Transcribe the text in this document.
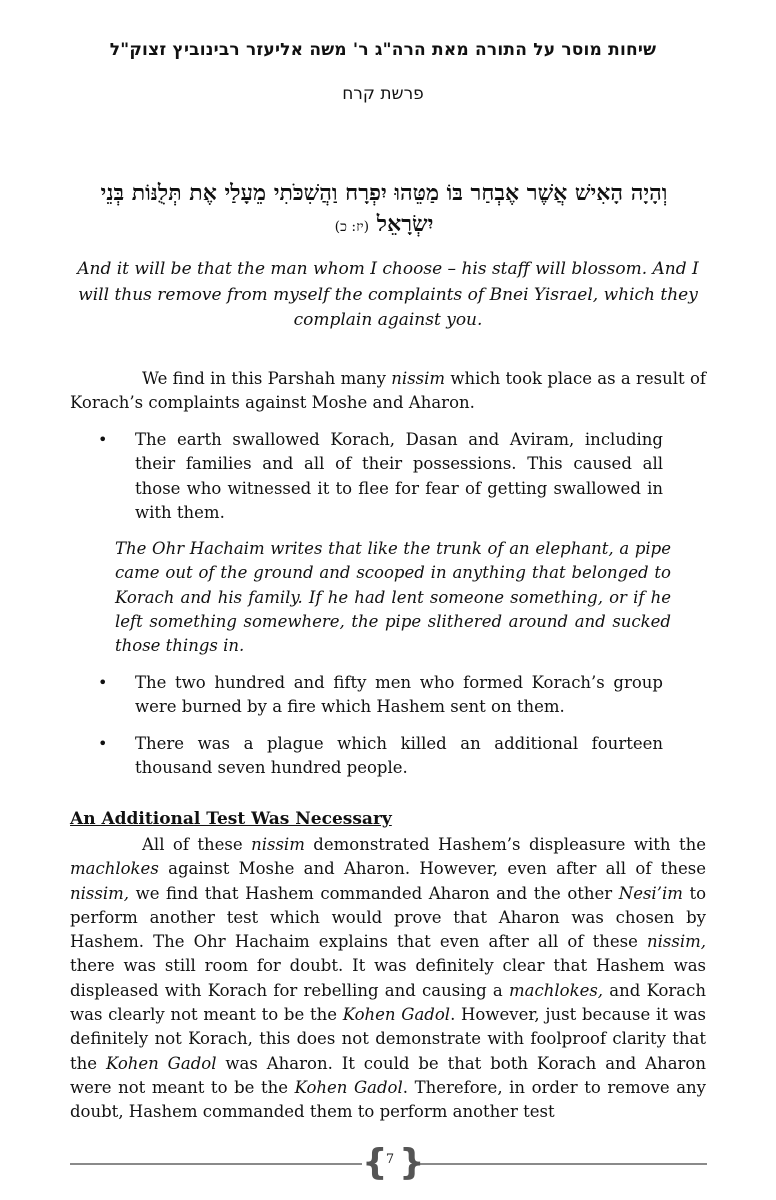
שיחות מוסר על התורה מאת הרה"ג ר' משה אליעזר רבינוביץ זצוק"ל
פרשת קרח
וְהָיָה הָאִישׁ אֲשֶׁר אֶבְחַר בּוֹ מַטֵּהוּ יִפְרָח וַהֲשִׁכֹּתִי מֵעָלַי אֶת תְּלֻנּוֹת בְּנֵי יִשְׂרָאֵל (יז: כ)
And it will be that the man whom I choose – his staff will blossom. And I will thus remove from myself the complaints of Bnei Yisrael, which they complain against you.
We find in this Parshah many nissim which took place as a result of Korach’s complaints against Moshe and Aharon.
• The earth swallowed Korach, Dasan and Aviram, including their families and all of their possessions. This caused all those who witnessed it to flee for fear of getting swallowed in with them.
The Ohr Hachaim writes that like the trunk of an elephant, a pipe came out of the ground and scooped in anything that belonged to Korach and his family. If he had lent someone something, or if he left something somewhere, the pipe slithered around and sucked those things in.
• The two hundred and fifty men who formed Korach’s group were burned by a fire which Hashem sent on them.
• There was a plague which killed an additional fourteen thousand seven hundred people.
An Additional Test Was Necessary
All of these nissim demonstrated Hashem’s displeasure with the machlokes against Moshe and Aharon. However, even after all of these nissim, we find that Hashem commanded Aharon and the other Nesi’im to perform another test which would prove that Aharon was chosen by Hashem. The Ohr Hachaim explains that even after all of these nissim, there was still room for doubt. It was definitely clear that Hashem was displeased with Korach for rebelling and causing a machlokes, and Korach was clearly not meant to be the Kohen Gadol. However, just because it was definitely not Korach, this does not demonstrate with foolproof clarity that the Kohen Gadol was Aharon. It could be that both Korach and Aharon were not meant to be the Kohen Gadol. Therefore, in order to remove any doubt, Hashem commanded them to perform another test
{ }
7
